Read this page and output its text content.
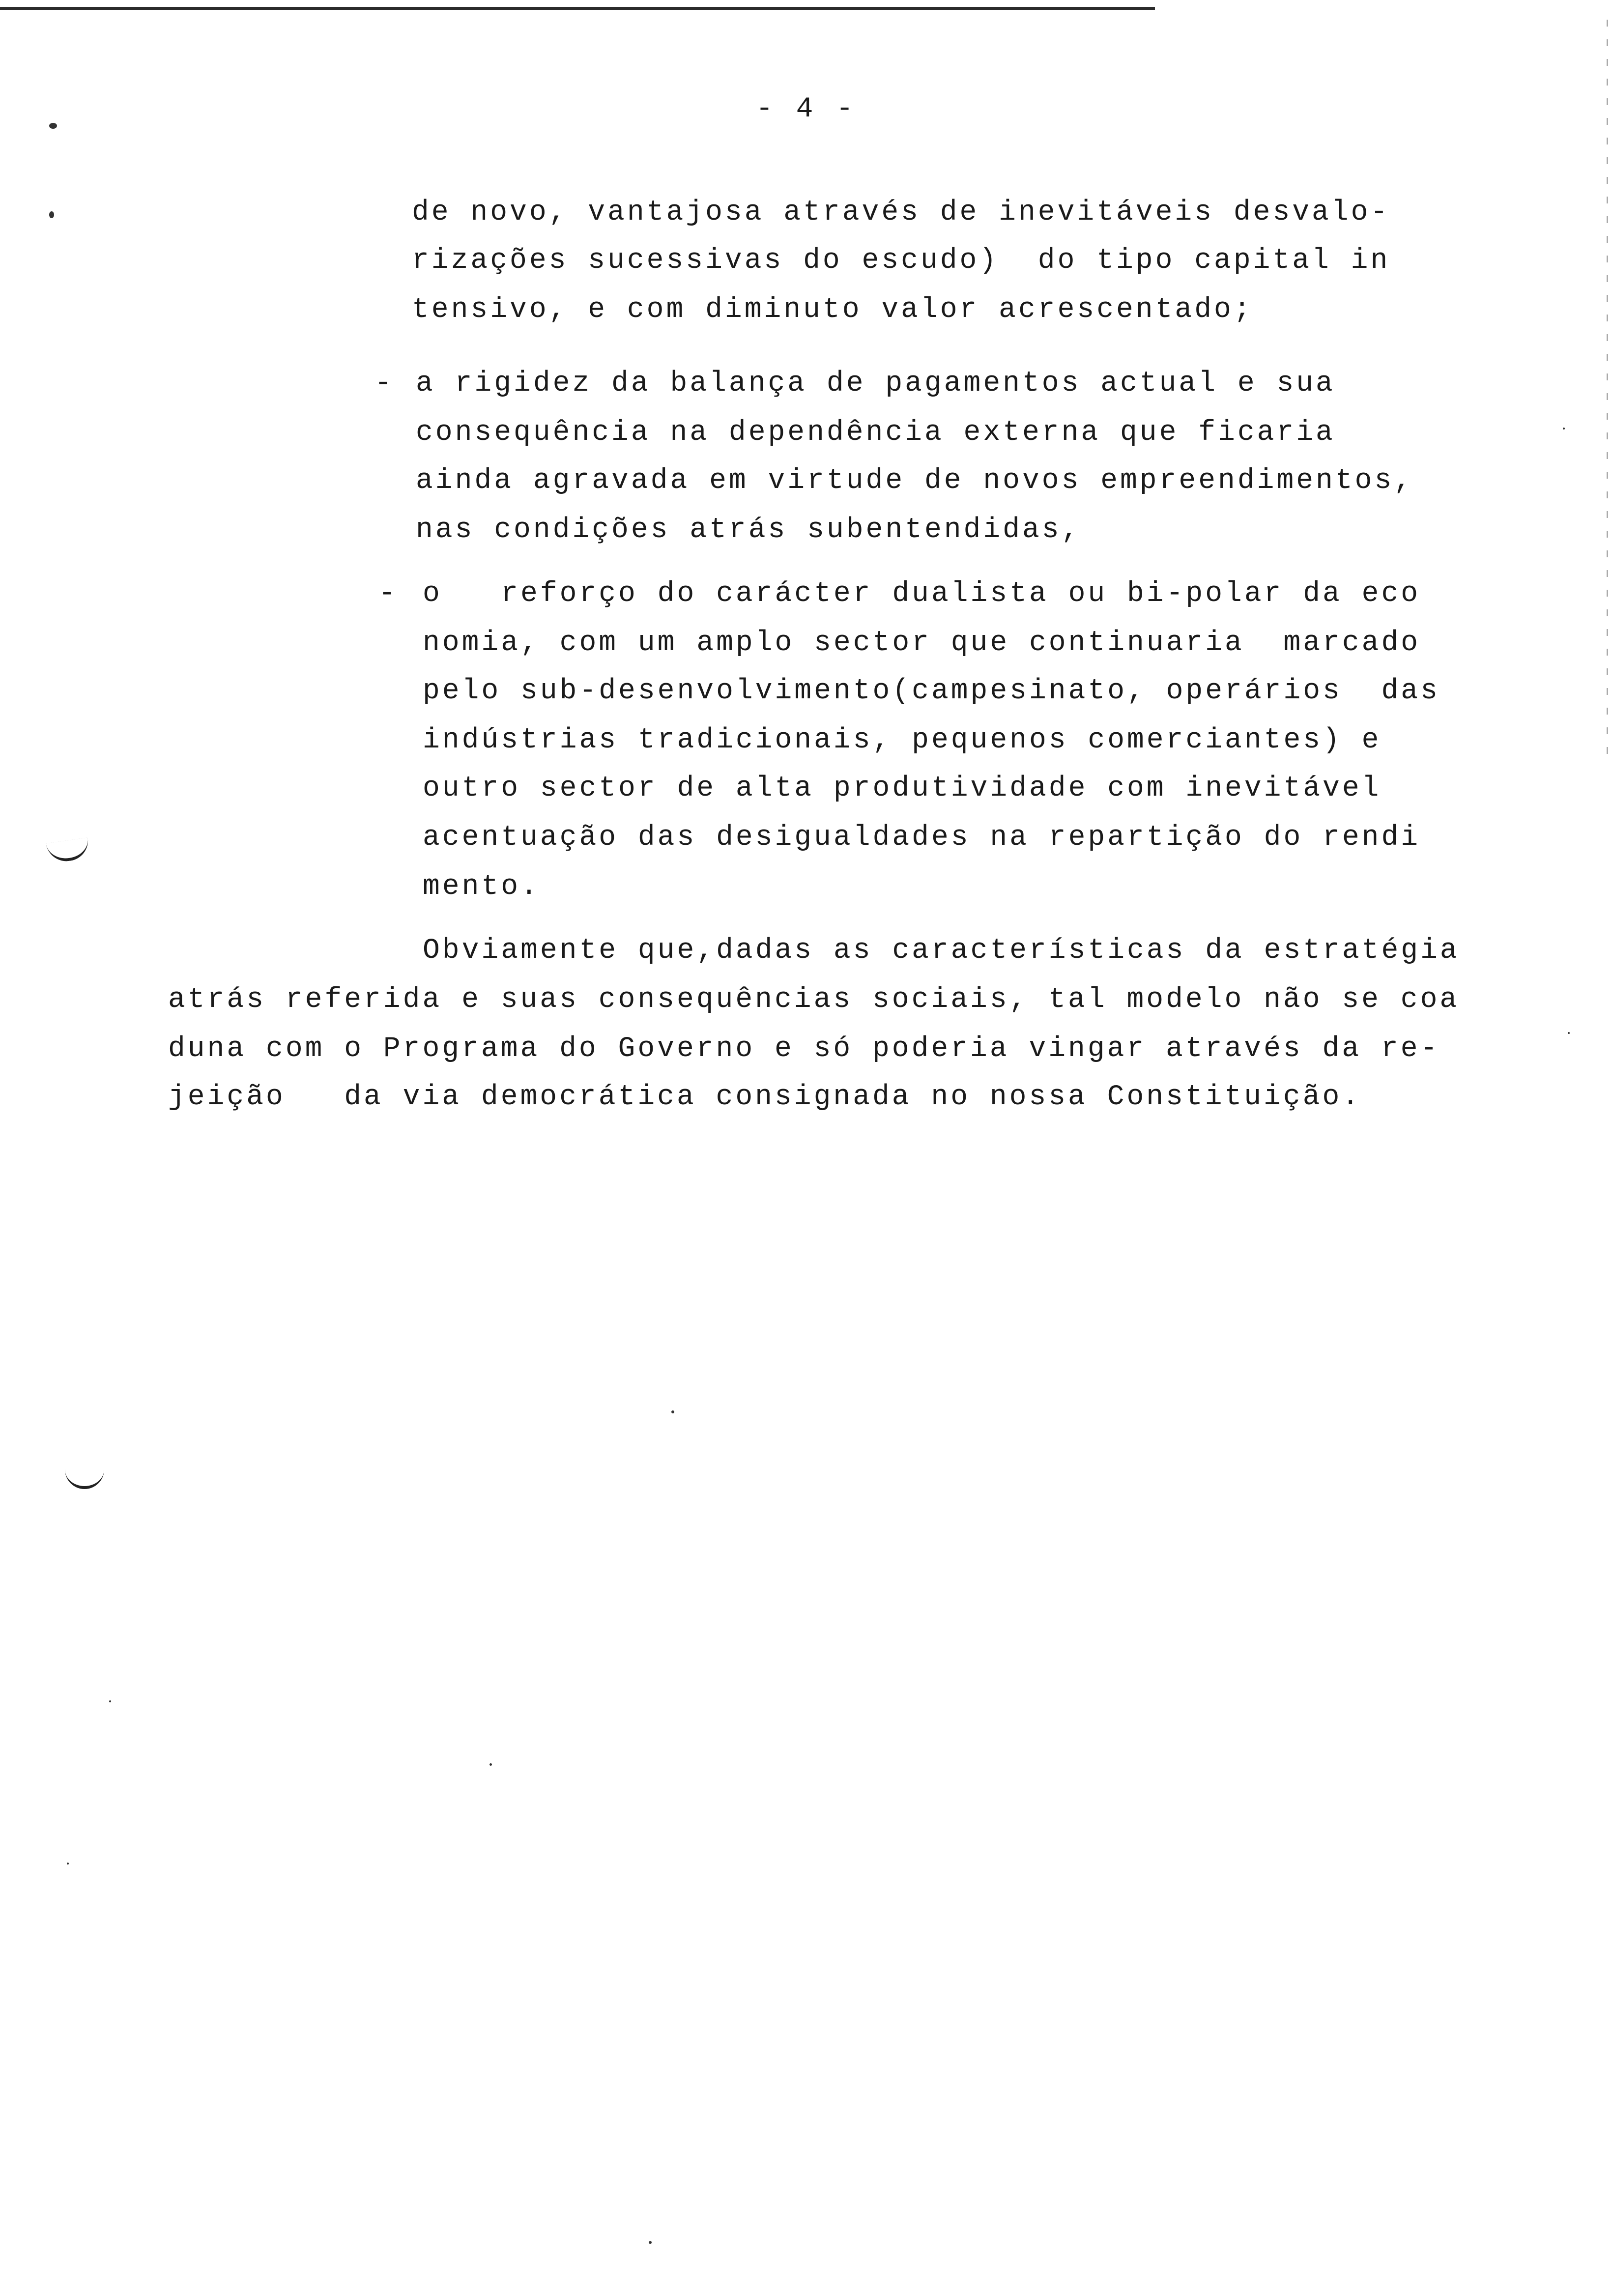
- 4 -
de novo, vantajosa através de inevitáveis desvalo-
rizações sucessivas do escudo)  do tipo capital in
tensivo, e com diminuto valor acrescentado;
- a rigidez da balança de pagamentos actual e sua
consequência na dependência externa que ficaria
ainda agravada em virtude de novos empreendimentos,
nas condições atrás subentendidas,
- o   reforço do carácter dualista ou bi-polar da eco
nomia, com um amplo sector que continuaria  marcado
pelo sub-desenvolvimento(campesinato, operários  das
indústrias tradicionais, pequenos comerciantes) e
outro sector de alta produtividade com inevitável
acentuação das desigualdades na repartição do rendi
mento.
Obviamente que,dadas as características da estratégia
atrás referida e suas consequências sociais, tal modelo não se coa
duna com o Programa do Governo e só poderia vingar através da re-
jeição   da via democrática consignada no nossa Constituição.
